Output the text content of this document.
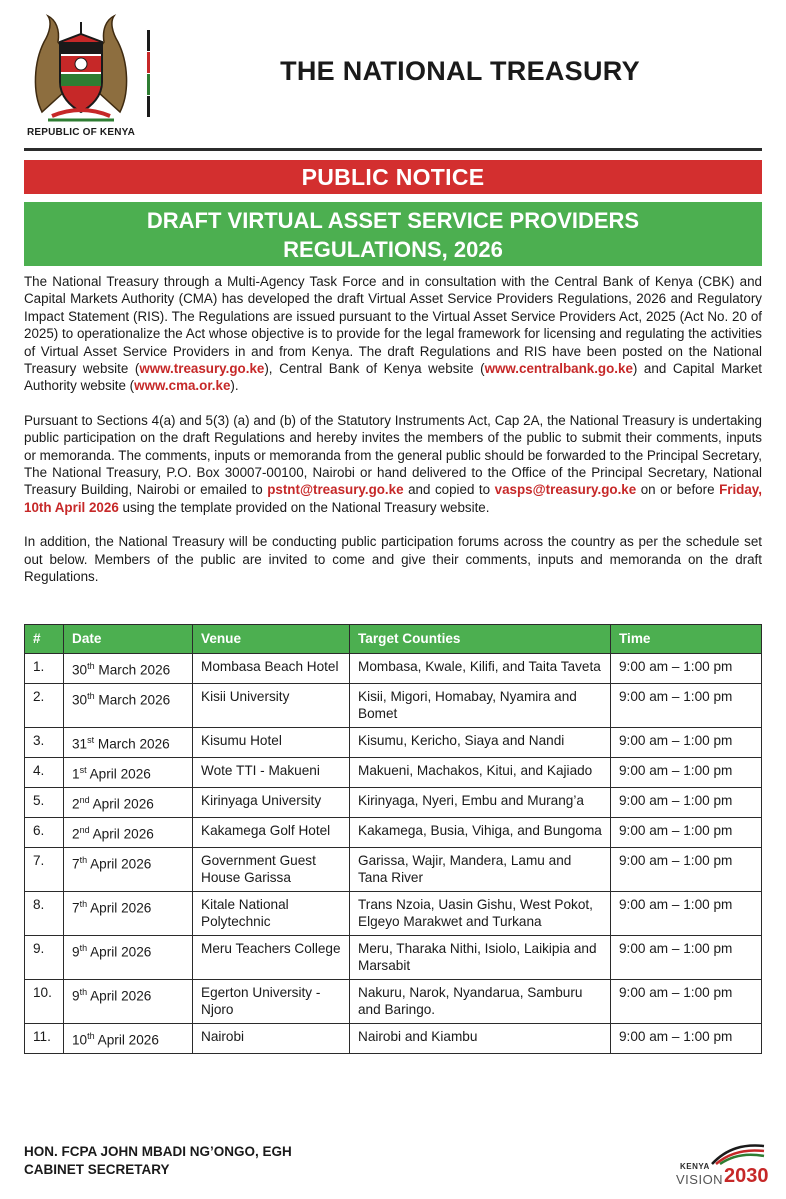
REPUBLIC OF KENYA
THE NATIONAL TREASURY
PUBLIC NOTICE
DRAFT VIRTUAL ASSET SERVICE PROVIDERS
REGULATIONS, 2026

The National Treasury through a Multi-Agency Task Force and in consultation with the Central Bank of Kenya (CBK) and Capital Markets Authority (CMA) has developed the draft Virtual Asset Service Providers Regulations, 2026 and Regulatory Impact Statement (RIS). The Regulations are issued pursuant to the Virtual Asset Service Providers Act, 2025 (Act No. 20 of 2025) to operationalize the Act whose objective is to provide for the legal framework for licensing and regulating the activities of Virtual Asset Service Providers in and from Kenya. The draft Regulations and RIS have been posted on the National Treasury website (www.treasury.go.ke), Central Bank of Kenya website (www.centralbank.go.ke) and Capital Market Authority website (www.cma.or.ke).

Pursuant to Sections 4(a) and 5(3) (a) and (b) of the Statutory Instruments Act, Cap 2A, the National Treasury is undertaking public participation on the draft Regulations and hereby invites the members of the public to submit their comments, inputs or memoranda. The comments, inputs or memoranda from the general public should be forwarded to the Principal Secretary, The National Treasury, P.O. Box 30007-00100, Nairobi or hand delivered to the Office of the Principal Secretary, National Treasury Building, Nairobi or emailed to pstnt@treasury.go.ke and copied to vasps@treasury.go.ke on or before Friday, 10th April 2026 using the template provided on the National Treasury website.

In addition, the National Treasury will be conducting public participation forums across the country as per the schedule set out below. Members of the public are invited to come and give their comments, inputs and memoranda on the draft Regulations.

#	Date	Venue	Target Counties	Time
1.	30th March 2026	Mombasa Beach Hotel	Mombasa, Kwale, Kilifi, and Taita Taveta	9:00 am – 1:00 pm
2.	30th March 2026	Kisii University	Kisii, Migori, Homabay, Nyamira and Bomet	9:00 am – 1:00 pm
3.	31st March 2026	Kisumu Hotel	Kisumu, Kericho, Siaya and Nandi	9:00 am – 1:00 pm
4.	1st April 2026	Wote TTI - Makueni	Makueni, Machakos, Kitui, and Kajiado	9:00 am – 1:00 pm
5.	2nd April 2026	Kirinyaga University	Kirinyaga, Nyeri, Embu and Murang’a	9:00 am – 1:00 pm
6.	2nd April 2026	Kakamega Golf Hotel	Kakamega, Busia, Vihiga, and Bungoma	9:00 am – 1:00 pm
7.	7th April 2026	Government Guest House Garissa	Garissa, Wajir, Mandera, Lamu and Tana River	9:00 am – 1:00 pm
8.	7th April 2026	Kitale National Polytechnic	Trans Nzoia, Uasin Gishu, West Pokot, Elgeyo Marakwet and Turkana	9:00 am – 1:00 pm
9.	9th April 2026	Meru Teachers College	Meru, Tharaka Nithi, Isiolo, Laikipia and Marsabit	9:00 am – 1:00 pm
10.	9th April 2026	Egerton University - Njoro	Nakuru, Narok, Nyandarua, Samburu and Baringo.	9:00 am – 1:00 pm
11.	10th April 2026	Nairobi	Nairobi and Kiambu	9:00 am – 1:00 pm
HON. FCPA JOHN MBADI NG’ONGO, EGH
CABINET SECRETARY	KENYA
VISION 2030
